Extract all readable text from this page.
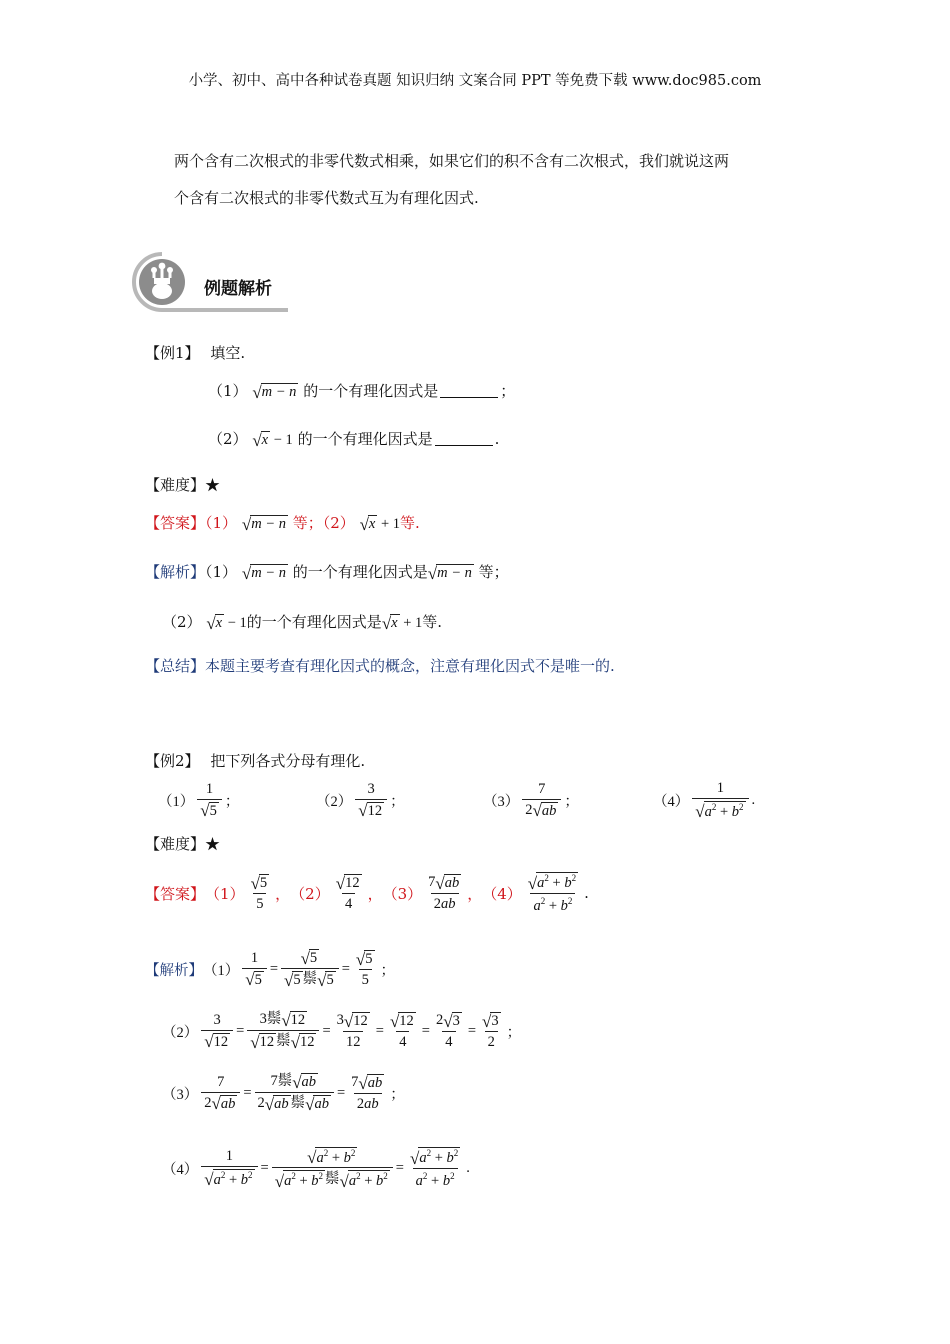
小学、初中、高中各种试卷真题 知识归纳 文案合同 PPT 等免费下载 www.doc985.com
两个含有二次根式的非零代数式相乘，如果它们的积不含有二次根式，我们就说这两
个含有二次根式的非零代数式互为有理化因式.
例题解析
【例1】 填空.
（1） √ m − n 的一个有理化因式是	；
（2） √ x − 1 的一个有理化因式是	.
【难度】★
【答案】（1） √ m − n 等；（2） √ x + 1等.
【解析】（1） √ m − n 的一个有理化因式是 √ m − n 等；
（2） √ x − 1的一个有理化因式是 √ x + 1等.
【总结】本题主要考查有理化因式的概念，注意有理化因式不是唯一的.
【例2】 把下列各式分母有理化.
$(1) \frac{1}{√ 5}$ ；	$(2) \frac{3}{√ 12}$ ；	$(3) \frac{7}{2 √ ab}$ ；	$(4) \frac{1}{√ a^2 + b^2}$ .
【难度】★
【答案】 $(1) \frac{√ 5}{5}$ ， $(2) \frac{√ 12}{4}$ ， $(3) \frac{7 √ ab}{2ab}$ ， $(4) \frac{√ a^2 + b^2}{a^2 + b^2}$ .
【解析】 $(1) \frac{1}{√ 5} = \frac{√ 5}{\text{√ 5 鬃 √ 5}} = \frac{√ 5}{5}$ ；
$(2) \frac{3}{√ 12} = \frac{\text{3鬃 √ 12}}{\text{√ 12 鬃 √ 12}} = \frac{3 √ 12}{12} = \frac{√ 12}{4} = \frac{2 √ 3}{4} = \frac{√ 3}{2}$ ；
$(3) \frac{7}{2 √ ab} = \frac{\text{7鬃 √ ab}}{\text{2 √ ab 鬃 √ ab}} = \frac{7 √ ab}{2ab}$ ；
$(4) \frac{1}{√ a^2 + b^2} = \frac{√ a^2 + b^2}{√ a^2 + b^2 鬃 √ a^2 + b^2} = \frac{√ a^2 + b^2}{a^2 + b^2}$ .
